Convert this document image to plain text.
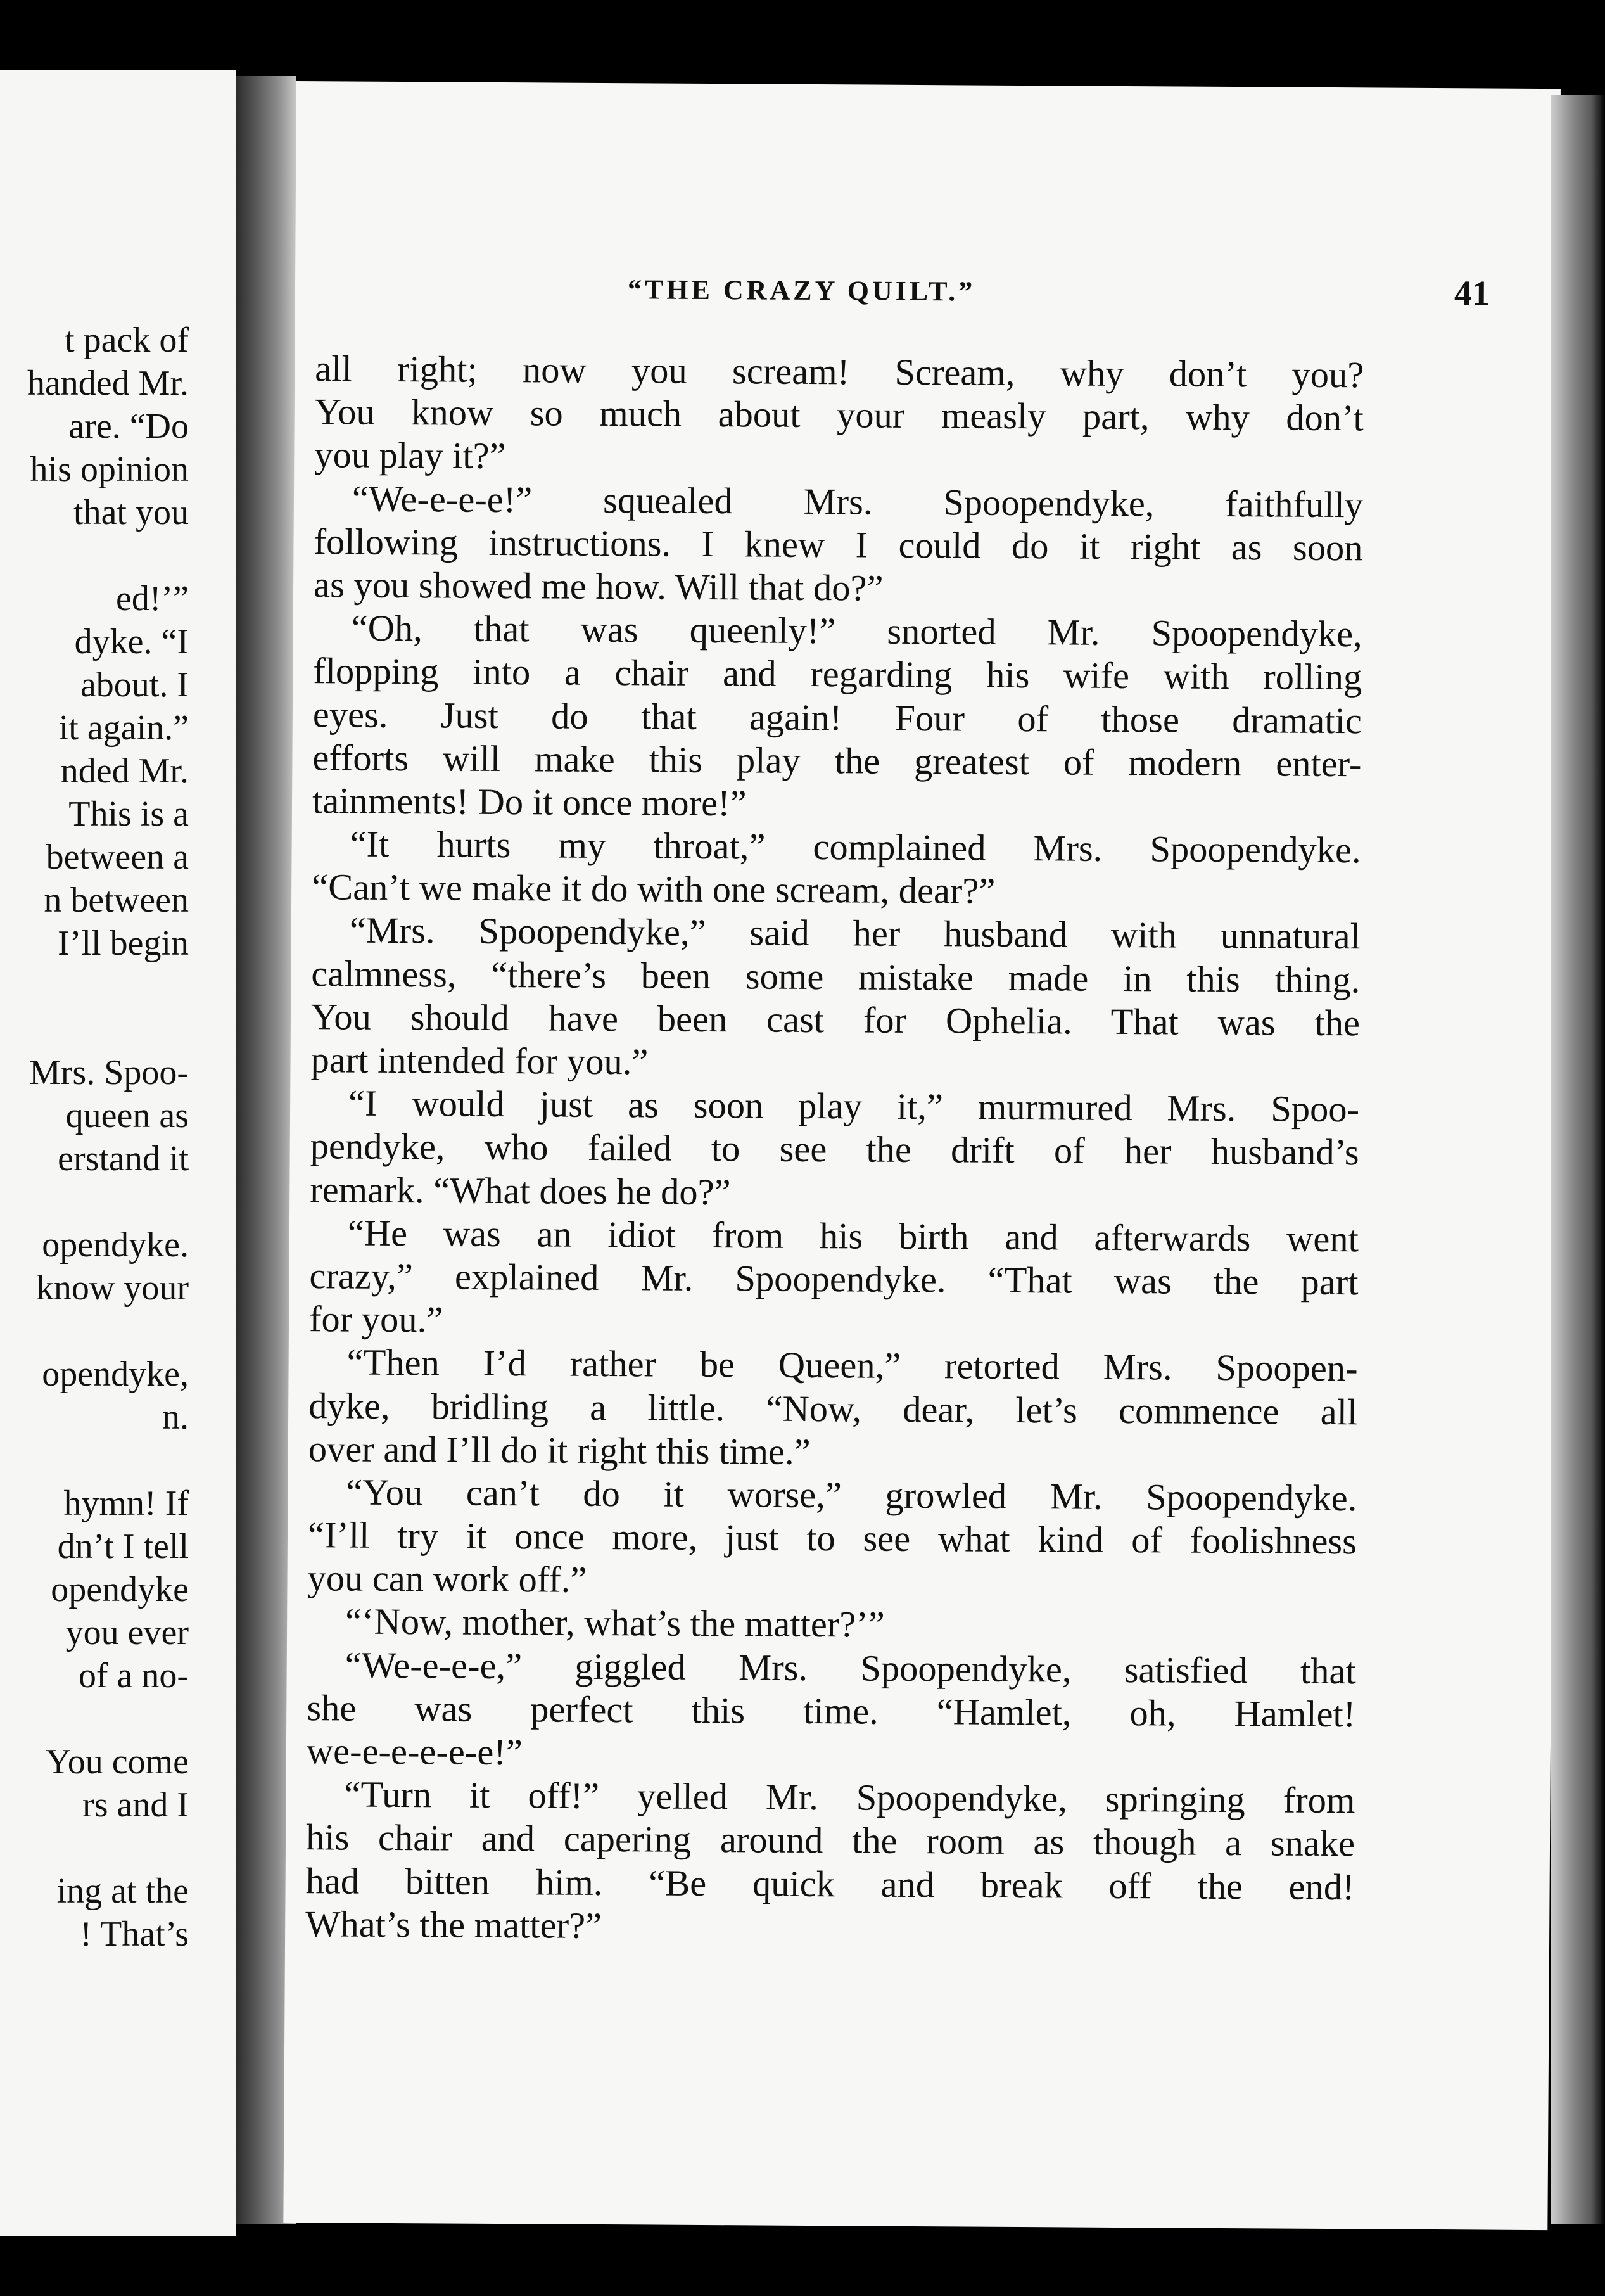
t pack of
handed Mr.
are. “Do
his opinion
that you
ed!’”
dyke. “I
about. I
it again.”
nded Mr.
This is a
between a
n between
I’ll begin
Mrs. Spoo-
queen as
erstand it
opendyke.
know your
opendyke,
n.
hymn! If
dn’t I tell
opendyke
you ever
of a no-
You come
rs and I
ing at the
! That’s
“THE CRAZY QUILT.”	41
all right; now you scream! Scream, why don’t you?
You know so much about your measly part, why don’t
you play it?”
“We-e-e-e!” squealed Mrs. Spoopendyke, faithfully
following instructions. I knew I could do it right as soon
as you showed me how. Will that do?”
“Oh, that was queenly!” snorted Mr. Spoopendyke,
flopping into a chair and regarding his wife with rolling
eyes. Just do that again! Four of those dramatic
efforts will make this play the greatest of modern enter-
tainments! Do it once more!”
“It hurts my throat,” complained Mrs. Spoopendyke.
“Can’t we make it do with one scream, dear?”
“Mrs. Spoopendyke,” said her husband with unnatural
calmness, “there’s been some mistake made in this thing.
You should have been cast for Ophelia. That was the
part intended for you.”
“I would just as soon play it,” murmured Mrs. Spoo-
pendyke, who failed to see the drift of her husband’s
remark. “What does he do?”
“He was an idiot from his birth and afterwards went
crazy,” explained Mr. Spoopendyke. “That was the part
for you.”
“Then I’d rather be Queen,” retorted Mrs. Spoopen-
dyke, bridling a little. “Now, dear, let’s commence all
over and I’ll do it right this time.”
“You can’t do it worse,” growled Mr. Spoopendyke.
“I’ll try it once more, just to see what kind of foolishness
you can work off.”
“‘Now, mother, what’s the matter?’”
“We-e-e-e,” giggled Mrs. Spoopendyke, satisfied that
she was perfect this time. “Hamlet, oh, Hamlet!
we-e-e-e-e-e!”
“Turn it off!” yelled Mr. Spoopendyke, springing from
his chair and capering around the room as though a snake
had bitten him. “Be quick and break off the end!
What’s the matter?”
